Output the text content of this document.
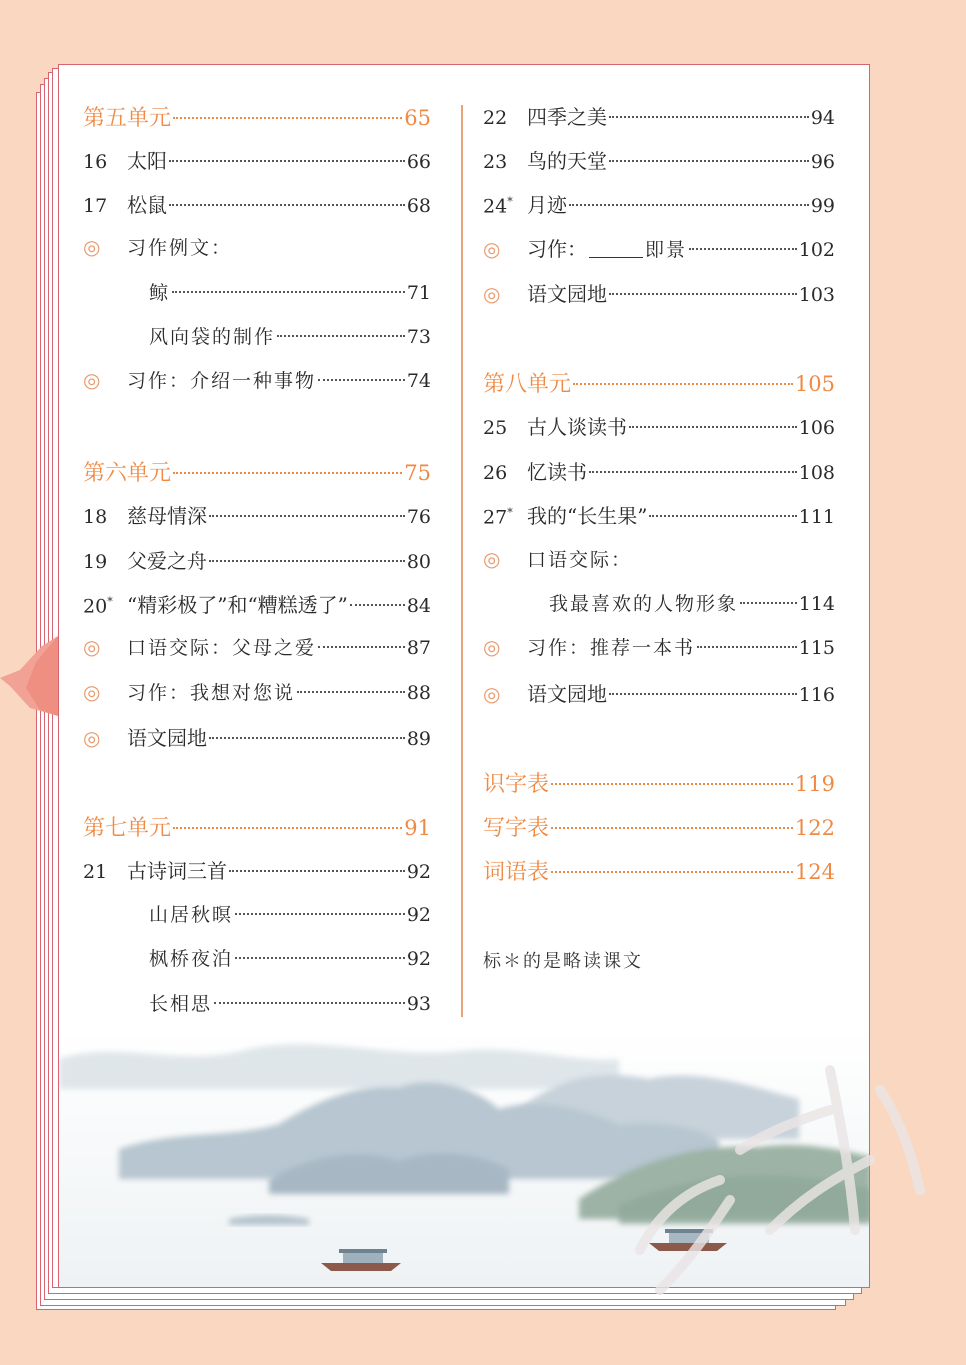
第五单元	65
16 太阳	66
17 松鼠	68
◎	习作例文：
鲸	71
风向袋的制作	73
◎	习作：介绍一种事物	74
第六单元	75
18 慈母情深	76
19 父爱之舟	80
20* “精彩极了”和“糟糕透了”	84
◎	口语交际：父母之爱	87
◎	习作：我想对您说	88
◎	语文园地	89
第七单元	91
21 古诗词三首	92
山居秋暝	92
枫桥夜泊	92
长相思	93
22 四季之美	94
23 鸟的天堂	96
24* 月迹	99
◎	习作：	即景	102
◎	语文园地	103
第八单元	105
25 古人谈读书	106
26 忆读书	108
27* 我的“长生果”	111
◎	口语交际：
我最喜欢的人物形象	114
◎	习作：推荐一本书	115
◎	语文园地	116
识字表	119
写字表	122
词语表	124
标＊的是略读课文
